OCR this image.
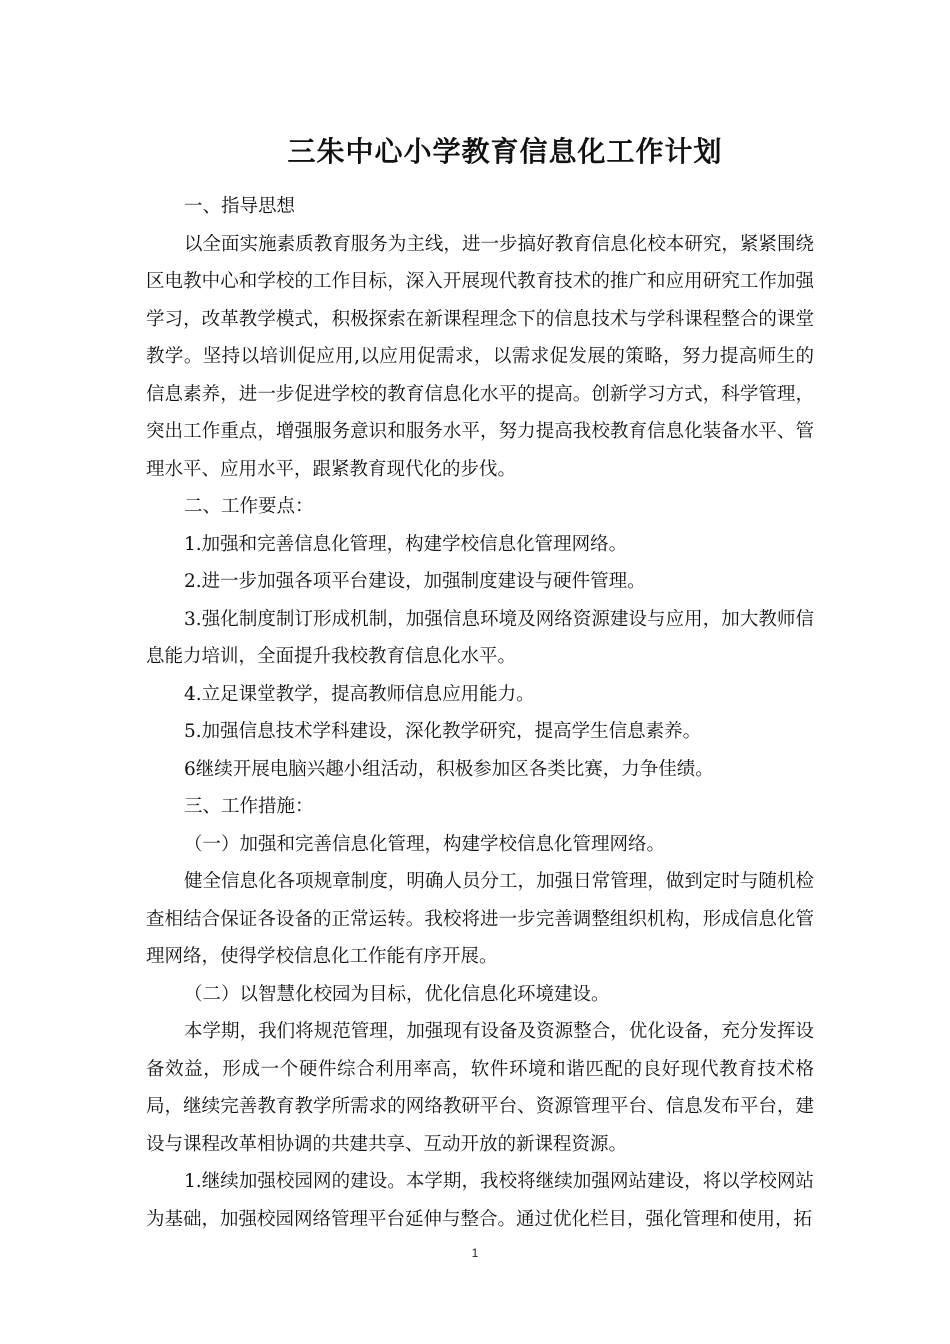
三朱中心小学教育信息化工作计划

一、指导思想

以全面实施素质教育服务为主线，进一步搞好教育信息化校本研究，紧紧围绕区电教中心和学校的工作目标，深入开展现代教育技术的推广和应用研究工作加强学习，改革教学模式，积极探索在新课程理念下的信息技术与学科课程整合的课堂教学。坚持以培训促应用,以应用促需求，以需求促发展的策略，努力提高师生的信息素养，进一步促进学校的教育信息化水平的提高。创新学习方式，科学管理，突出工作重点，增强服务意识和服务水平，努力提高我校教育信息化装备水平、管理水平、应用水平，跟紧教育现代化的步伐。

二、工作要点：

1.加强和完善信息化管理，构建学校信息化管理网络。

2.进一步加强各项平台建设，加强制度建设与硬件管理。

3.强化制度制订形成机制，加强信息环境及网络资源建设与应用，加大教师信息能力培训，全面提升我校教育信息化水平。

4.立足课堂教学，提高教师信息应用能力。

5.加强信息技术学科建设，深化教学研究，提高学生信息素养。

6继续开展电脑兴趣小组活动，积极参加区各类比赛，力争佳绩。

三、工作措施：

（一）加强和完善信息化管理，构建学校信息化管理网络。

健全信息化各项规章制度，明确人员分工，加强日常管理，做到定时与随机检查相结合保证各设备的正常运转。我校将进一步完善调整组织机构，形成信息化管理网络，使得学校信息化工作能有序开展。

（二）以智慧化校园为目标，优化信息化环境建设。

本学期，我们将规范管理，加强现有设备及资源整合，优化设备，充分发挥设备效益，形成一个硬件综合利用率高，软件环境和谐匹配的良好现代教育技术格局，继续完善教育教学所需求的网络教研平台、资源管理平台、信息发布平台，建设与课程改革相协调的共建共享、互动开放的新课程资源。

1.继续加强校园网的建设。本学期，我校将继续加强网站建设，将以学校网站为基础，加强校园网络管理平台延伸与整合。通过优化栏目，强化管理和使用，拓

1
